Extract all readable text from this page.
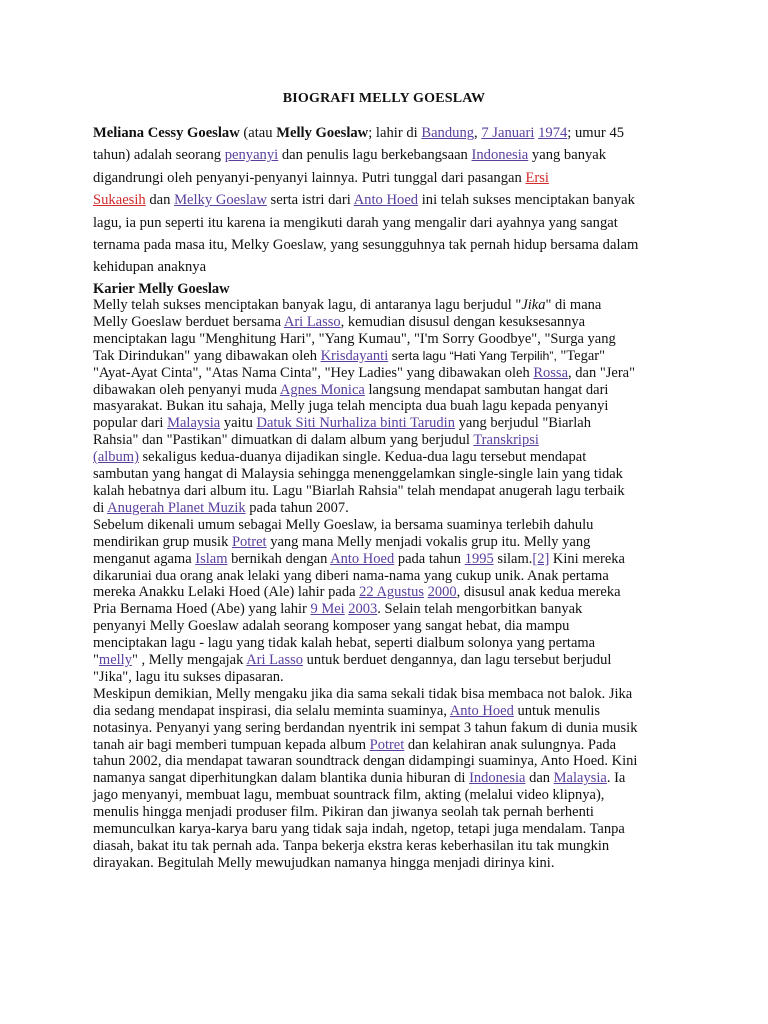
BIOGRAFI MELLY GOESLAW
Meliana Cessy Goeslaw (atau Melly Goeslaw; lahir di Bandung, 7 Januari 1974; umur 45
tahun) adalah seorang penyanyi dan penulis lagu berkebangsaan Indonesia yang banyak
digandrungi oleh penyanyi-penyanyi lainnya. Putri tunggal dari pasangan Ersi
Sukaesih dan Melky Goeslaw serta istri dari Anto Hoed ini telah sukses menciptakan banyak
lagu, ia pun seperti itu karena ia mengikuti darah yang mengalir dari ayahnya yang sangat
ternama pada masa itu, Melky Goeslaw, yang sesungguhnya tak pernah hidup bersama dalam
kehidupan anaknya
Karier Melly Goeslaw
Melly telah sukses menciptakan banyak lagu, di antaranya lagu berjudul "Jika" di mana
Melly Goeslaw berduet bersama Ari Lasso, kemudian disusul dengan kesuksesannya
menciptakan lagu "Menghitung Hari", "Yang Kumau", "I'm Sorry Goodbye", "Surga yang
Tak Dirindukan" yang dibawakan oleh Krisdayanti serta lagu “Hati Yang Terpilih”, "Tegar"
"Ayat-Ayat Cinta", "Atas Nama Cinta", "Hey Ladies" yang dibawakan oleh Rossa, dan "Jera"
dibawakan oleh penyanyi muda Agnes Monica langsung mendapat sambutan hangat dari
masyarakat. Bukan itu sahaja, Melly juga telah mencipta dua buah lagu kepada penyanyi
popular dari Malaysia yaitu Datuk Siti Nurhaliza binti Tarudin yang berjudul "Biarlah
Rahsia" dan "Pastikan" dimuatkan di dalam album yang berjudul Transkripsi
(album) sekaligus kedua-duanya dijadikan single. Kedua-dua lagu tersebut mendapat
sambutan yang hangat di Malaysia sehingga menenggelamkan single-single lain yang tidak
kalah hebatnya dari album itu. Lagu "Biarlah Rahsia" telah mendapat anugerah lagu terbaik
di Anugerah Planet Muzik pada tahun 2007.
Sebelum dikenali umum sebagai Melly Goeslaw, ia bersama suaminya terlebih dahulu
mendirikan grup musik Potret yang mana Melly menjadi vokalis grup itu. Melly yang
menganut agama Islam bernikah dengan Anto Hoed pada tahun 1995 silam.[2] Kini mereka
dikaruniai dua orang anak lelaki yang diberi nama-nama yang cukup unik. Anak pertama
mereka Anakku Lelaki Hoed (Ale) lahir pada 22 Agustus 2000, disusul anak kedua mereka
Pria Bernama Hoed (Abe) yang lahir 9 Mei 2003. Selain telah mengorbitkan banyak
penyanyi Melly Goeslaw adalah seorang komposer yang sangat hebat, dia mampu
menciptakan lagu - lagu yang tidak kalah hebat, seperti dialbum solonya yang pertama
"melly" , Melly mengajak Ari Lasso untuk berduet dengannya, dan lagu tersebut berjudul
"Jika", lagu itu sukses dipasaran.
Meskipun demikian, Melly mengaku jika dia sama sekali tidak bisa membaca not balok. Jika
dia sedang mendapat inspirasi, dia selalu meminta suaminya, Anto Hoed untuk menulis
notasinya. Penyanyi yang sering berdandan nyentrik ini sempat 3 tahun fakum di dunia musik
tanah air bagi memberi tumpuan kepada album Potret dan kelahiran anak sulungnya. Pada
tahun 2002, dia mendapat tawaran soundtrack dengan didampingi suaminya, Anto Hoed. Kini
namanya sangat diperhitungkan dalam blantika dunia hiburan di Indonesia dan Malaysia. Ia
jago menyanyi, membuat lagu, membuat sountrack film, akting (melalui video klipnya),
menulis hingga menjadi produser film. Pikiran dan jiwanya seolah tak pernah berhenti
memunculkan karya-karya baru yang tidak saja indah, ngetop, tetapi juga mendalam. Tanpa
diasah, bakat itu tak pernah ada. Tanpa bekerja ekstra keras keberhasilan itu tak mungkin
dirayakan. Begitulah Melly mewujudkan namanya hingga menjadi dirinya kini.
